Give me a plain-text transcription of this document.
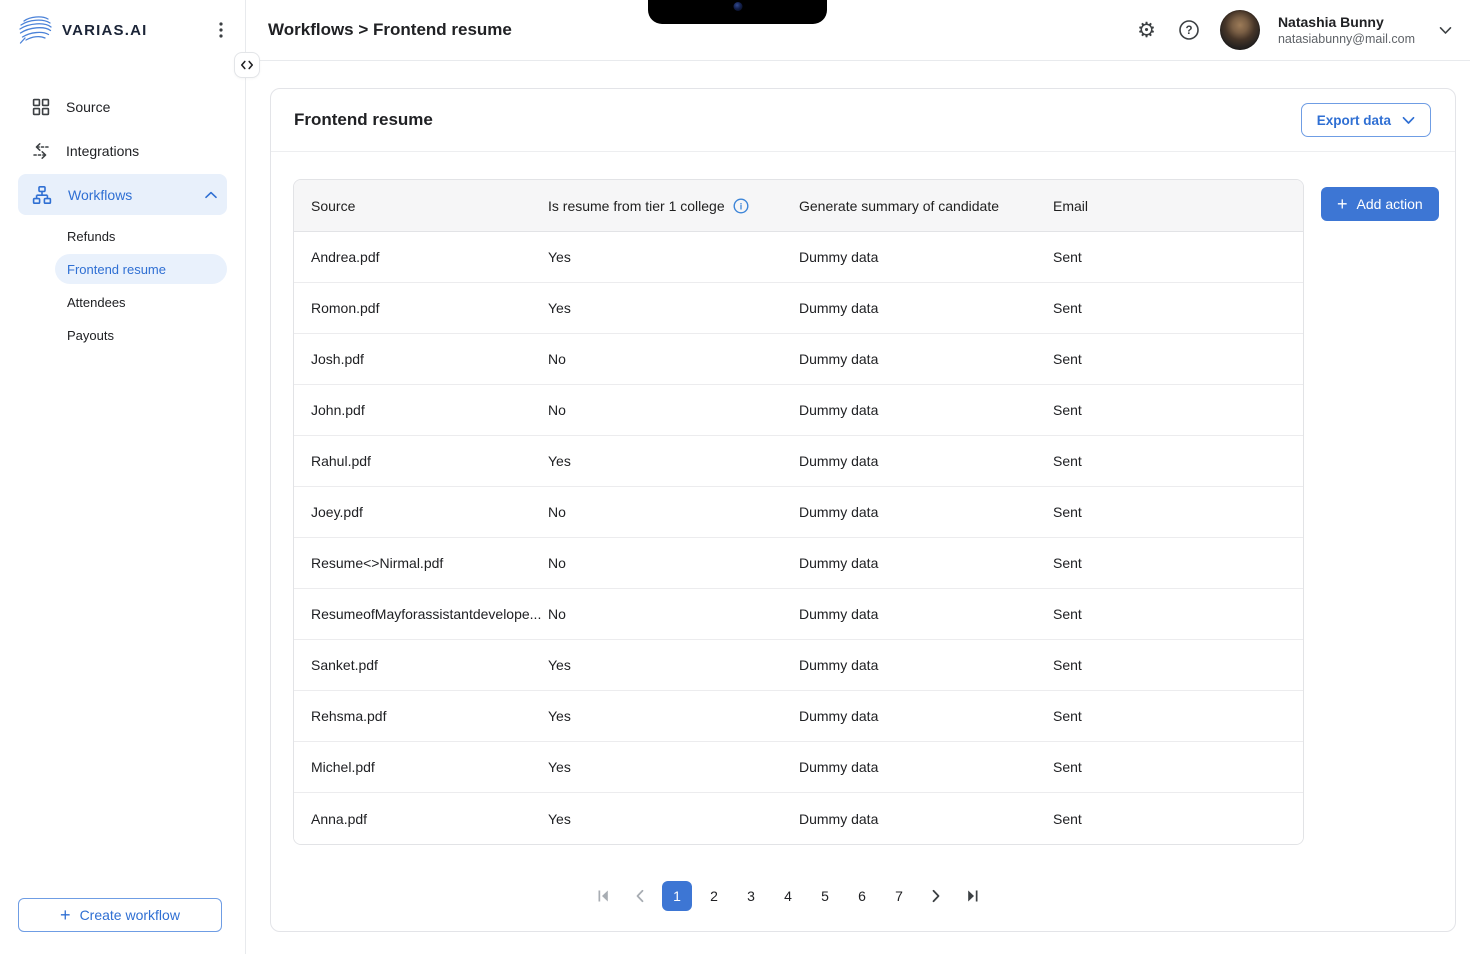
VARIAS.AI
Source
Integrations
Workflows
Refunds
Frontend resume
Attendees
Payouts
+ Create workflow
Workflows > Frontend resume	⚙	?
Natashia Bunny
natasiabunny@mail.com
Frontend resume	Export data
Source	Is resume from tier 1 college i	Generate summary of candidate	Email
Andrea.pdf	Yes	Dummy data	Sent
Romon.pdf	Yes	Dummy data	Sent
Josh.pdf	No	Dummy data	Sent
John.pdf	No	Dummy data	Sent
Rahul.pdf	Yes	Dummy data	Sent
Joey.pdf	No	Dummy data	Sent
Resume<>Nirmal.pdf	No	Dummy data	Sent
ResumeofMayforassistantdevelope... No	Dummy data	Sent
Sanket.pdf	Yes	Dummy data	Sent
Rehsma.pdf	Yes	Dummy data	Sent
Michel.pdf	Yes	Dummy data	Sent
Anna.pdf	Yes	Dummy data	Sent
+ Add action
1	2	3	4	5	6	7
